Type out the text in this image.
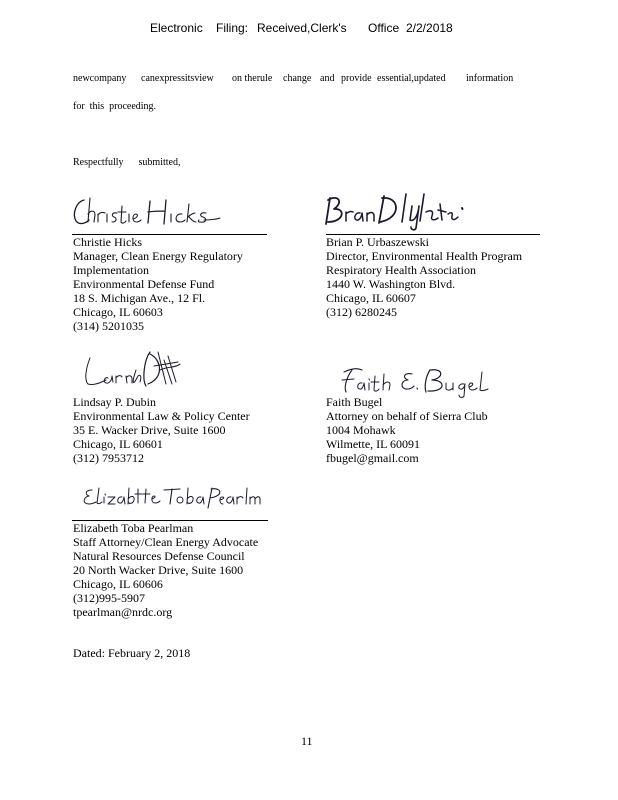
Electronic Filing: Received,Clerk's Office 2/2/2018
newcompany canexpressitsview on therule change and provide essential,updated information
for  this  proceeding.
Respectfully      submitted,
Christie Hicks
Manager, Clean Energy Regulatory
Implementation
Environmental Defense Fund
18 S. Michigan Ave., 12 Fl.
Chicago, IL 60603
(314) 5201035
Brian P. Urbaszewski
Director, Environmental Health Program
Respiratory Health Association
1440 W. Washington Blvd.
Chicago, IL 60607
(312) 6280245
Lindsay P. Dubin
Environmental Law & Policy Center
35 E. Wacker Drive, Suite 1600
Chicago, IL 60601
(312) 7953712
Faith Bugel
Attorney on behalf of Sierra Club
1004 Mohawk
Wilmette, IL 60091
fbugel@gmail.com
Elizabeth Toba Pearlman
Staff Attorney/Clean Energy Advocate
Natural Resources Defense Council
20 North Wacker Drive, Suite 1600
Chicago, IL 60606
(312)995-5907
tpearlman@nrdc.org
Dated: February 2, 2018
11
